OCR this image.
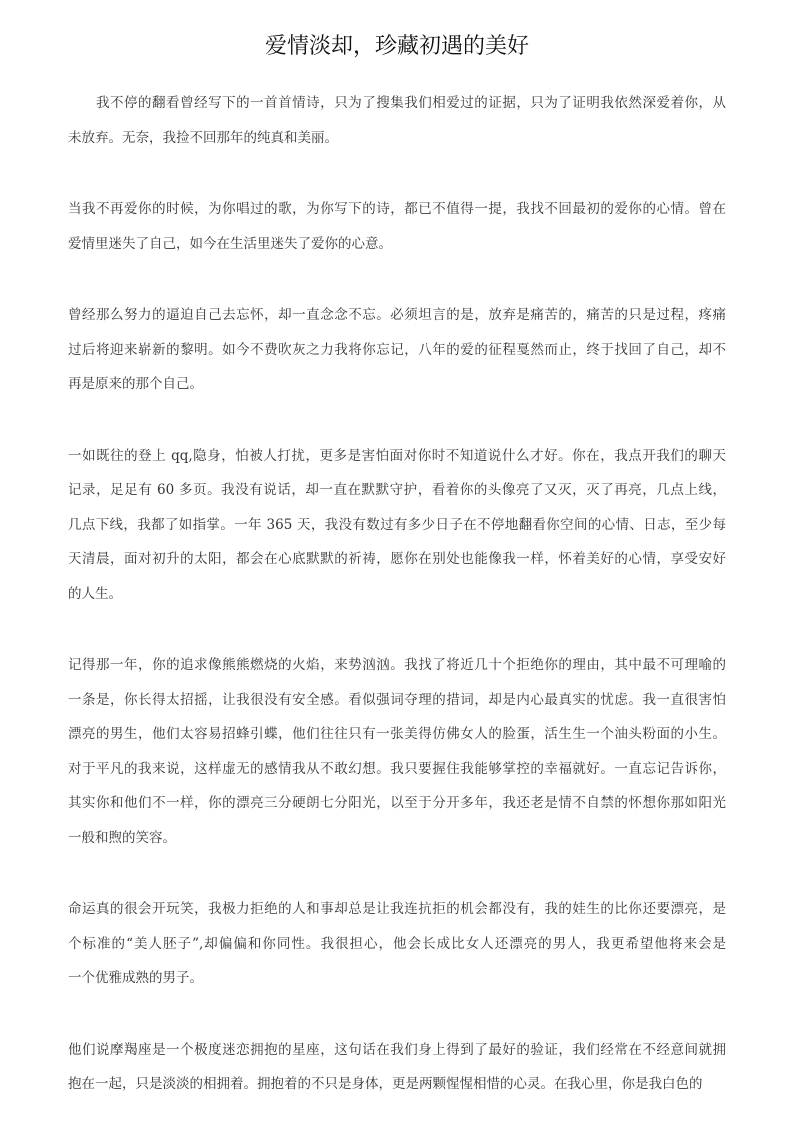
爱情淡却，珍藏初遇的美好
我不停的翻看曾经写下的一首首情诗，只为了搜集我们相爱过的证据，只为了证明我依然深爱着你，从
未放弃。无奈，我捡不回那年的纯真和美丽。
当我不再爱你的时候，为你唱过的歌，为你写下的诗，都已不值得一提，我找不回最初的爱你的心情。曾在
爱情里迷失了自己，如今在生活里迷失了爱你的心意。
曾经那么努力的逼迫自己去忘怀，却一直念念不忘。必须坦言的是，放弃是痛苦的，痛苦的只是过程，疼痛
过后将迎来崭新的黎明。如今不费吹灰之力我将你忘记，八年的爱的征程戛然而止，终于找回了自己，却不
再是原来的那个自己。
一如既往的登上 qq,隐身，怕被人打扰，更多是害怕面对你时不知道说什么才好。你在，我点开我们的聊天
记录，足足有 60 多页。我没有说话，却一直在默默守护，看着你的头像亮了又灭，灭了再亮，几点上线，
几点下线，我都了如指掌。一年 365 天，我没有数过有多少日子在不停地翻看你空间的心情、日志，至少每
天清晨，面对初升的太阳，都会在心底默默的祈祷，愿你在别处也能像我一样，怀着美好的心情，享受安好
的人生。
记得那一年，你的追求像熊熊燃烧的火焰，来势汹汹。我找了将近几十个拒绝你的理由，其中最不可理喻的
一条是，你长得太招摇，让我很没有安全感。看似强词夺理的措词，却是内心最真实的忧虑。我一直很害怕
漂亮的男生，他们太容易招蜂引蝶，他们往往只有一张美得仿佛女人的脸蛋，活生生一个油头粉面的小生。
对于平凡的我来说，这样虚无的感情我从不敢幻想。我只要握住我能够掌控的幸福就好。一直忘记告诉你，
其实你和他们不一样，你的漂亮三分硬朗七分阳光，以至于分开多年，我还老是情不自禁的怀想你那如阳光
一般和煦的笑容。
命运真的很会开玩笑，我极力拒绝的人和事却总是让我连抗拒的机会都没有，我的娃生的比你还要漂亮，是
个标准的“美人胚子”,却偏偏和你同性。我很担心，他会长成比女人还漂亮的男人，我更希望他将来会是
一个优雅成熟的男子。
他们说摩羯座是一个极度迷恋拥抱的星座，这句话在我们身上得到了最好的验证，我们经常在不经意间就拥
抱在一起，只是淡淡的相拥着。拥抱着的不只是身体，更是两颗惺惺相惜的心灵。在我心里，你是我白色的
